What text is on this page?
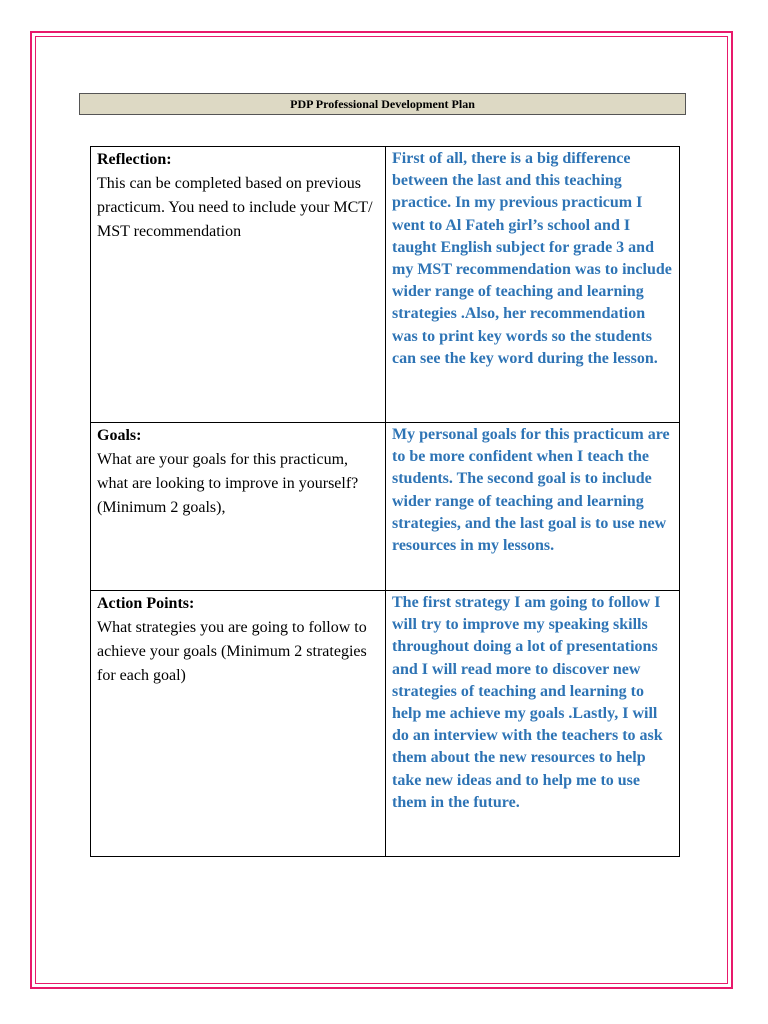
PDP Professional Development Plan
Reflection:
This can be completed based on previous practicum. You need to include your MCT/ MST recommendation	First of all, there is a big difference between the last and this teaching practice. In my previous practicum I went to Al Fateh girl’s school and I taught English subject for grade 3 and my MST recommendation was to include wider range of teaching and learning strategies .Also, her recommendation was to print key words so the students can see the key word during the lesson.

Goals:
What are your goals for this practicum, what are looking to improve in yourself? (Minimum 2 goals),	My personal goals for this practicum are to be more confident when I teach the students. The second goal is to include wider range of teaching and learning strategies, and the last goal is to use new resources in my lessons.

Action Points:
What strategies you are going to follow to achieve your goals (Minimum 2 strategies for each goal)	The first strategy I am going to follow I will try to improve my speaking skills throughout doing a lot of presentations and I will read more to discover new strategies of teaching and learning to help me achieve my goals .Lastly, I will do an interview with the teachers to ask them about the new resources to help take new ideas and to help me to use them in the future.
